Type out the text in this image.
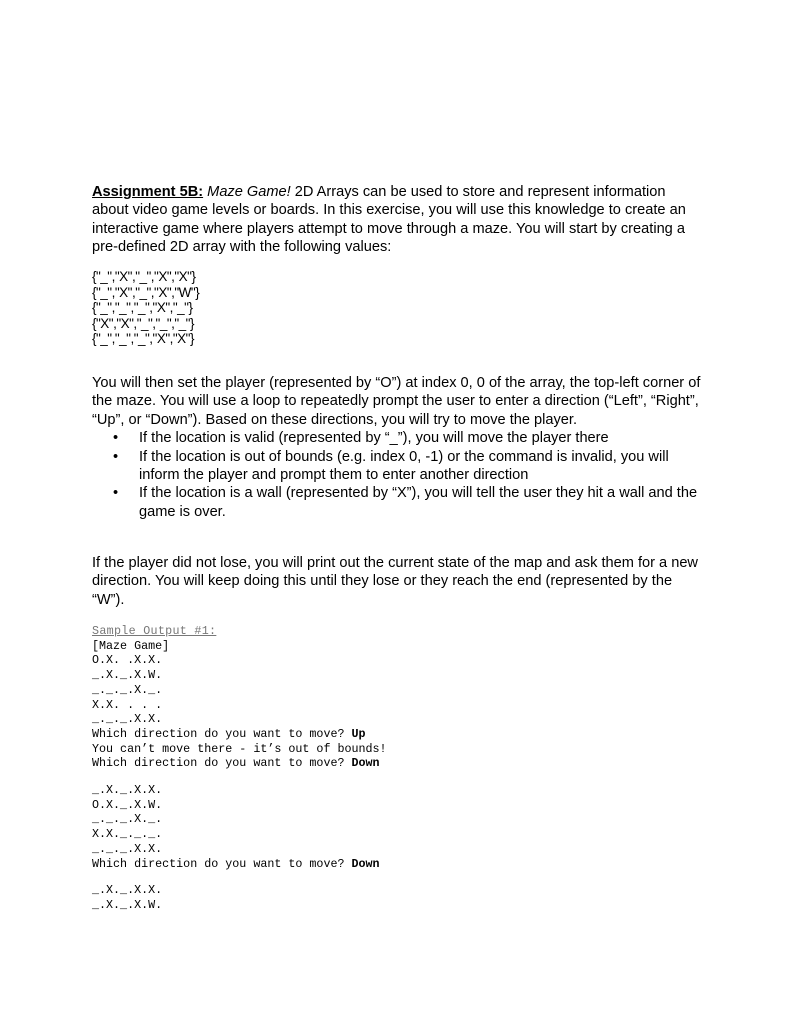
Assignment 5B: Maze Game! 2D Arrays can be used to store and represent information about video game levels or boards. In this exercise, you will use this knowledge to create an interactive game where players attempt to move through a maze. You will start by creating a pre-defined 2D array with the following values:
{"_","X","_","X","X"}
{"_","X","_","X","W"}
{"_","_","_","X","_"}
{"X","X","_","_","_"}
{"_","_","_","X","X"}
You will then set the player (represented by “O”) at index 0, 0 of the array, the top-left corner of the maze. You will use a loop to repeatedly prompt the user to enter a direction (“Left”, “Right”, “Up”, or “Down”). Based on these directions, you will try to move the player.
• If the location is valid (represented by “_”), you will move the player there
• If the location is out of bounds (e.g. index 0, -1) or the command is invalid, you will inform the player and prompt them to enter another direction
• If the location is a wall (represented by “X”), you will tell the user they hit a wall and the game is over.
If the player did not lose, you will print out the current state of the map and ask them for a new direction. You will keep doing this until they lose or they reach the end (represented by the “W”).
Sample Output #1:
[Maze Game]
O.X. .X.X.
_.X._.X.W.
_._._.X._.
X.X. . . .
_._._.X.X.
Which direction do you want to move? Up
You can’t move there - it’s out of bounds!
Which direction do you want to move? Down
_.X._.X.X.
O.X._.X.W.
_._._.X._.
X.X._._._.
_._._.X.X.
Which direction do you want to move? Down
_.X._.X.X.
_.X._.X.W.
